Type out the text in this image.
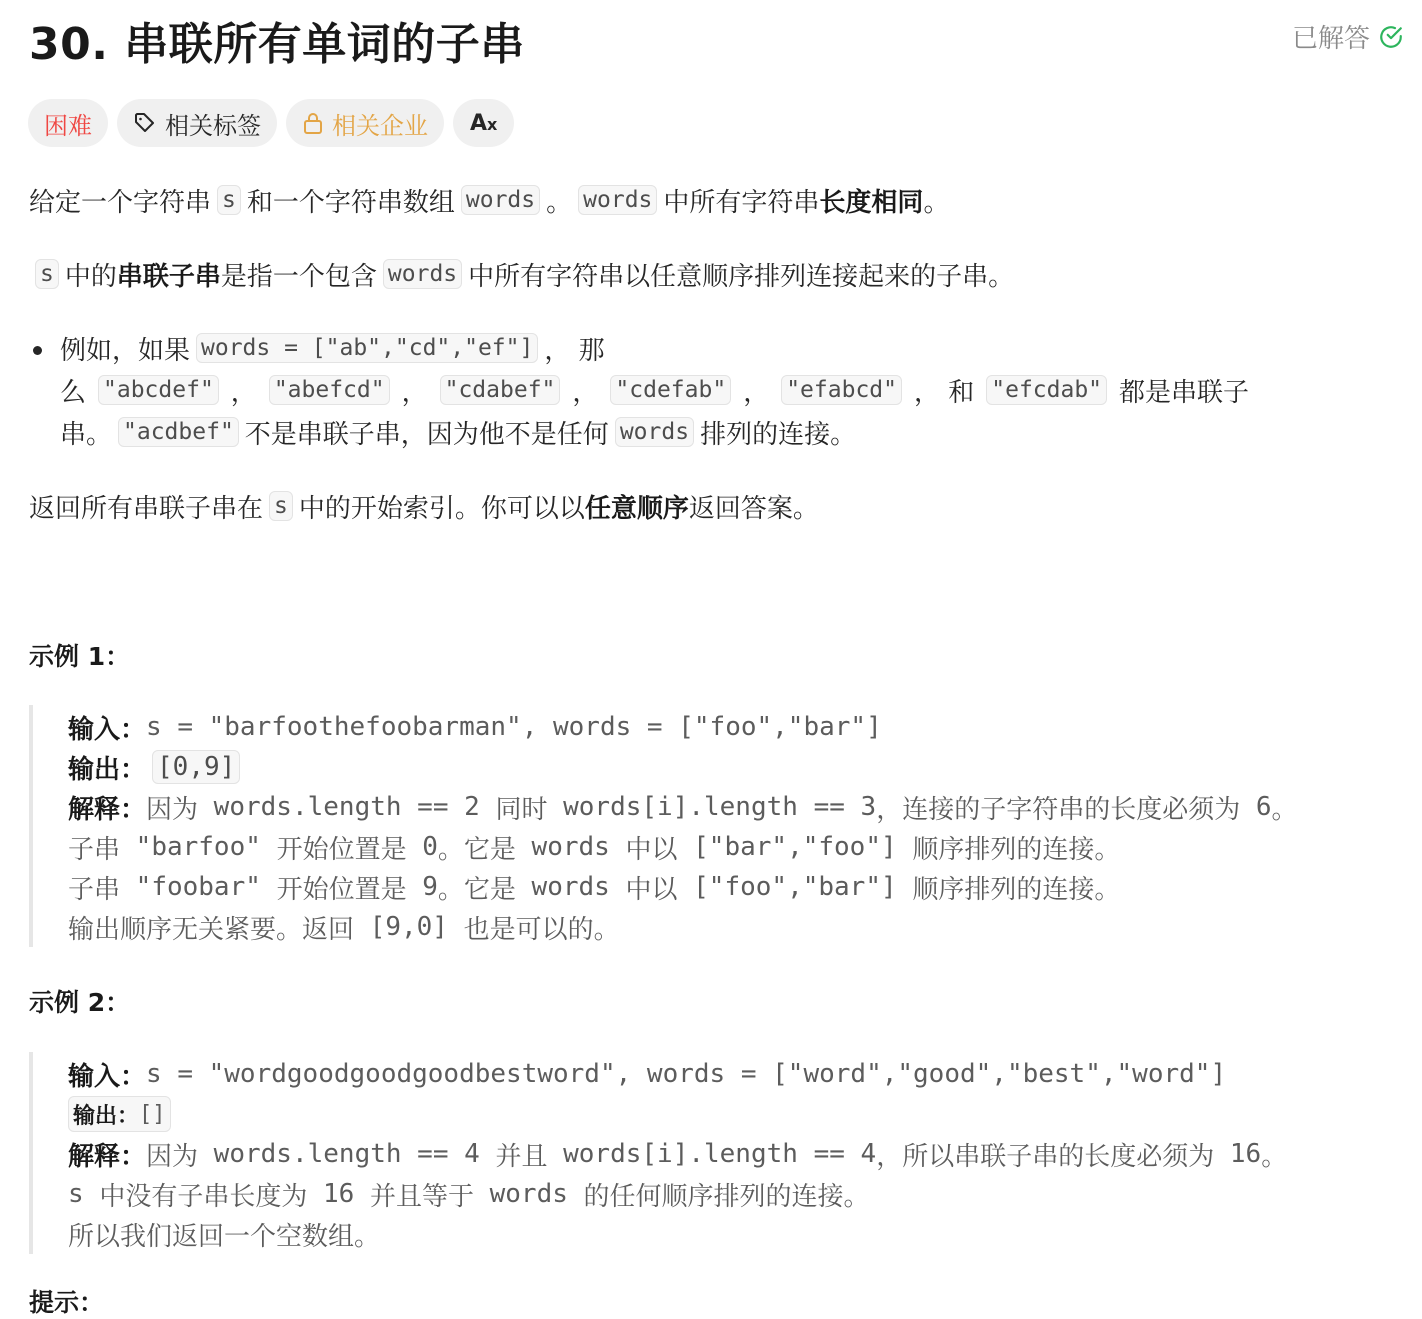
30. 串联所有单词的子串	已解答
困难	相关标签	相关企业 Ax
给定一个字符串 s 和一个字符串数组 words 。 words 中所有字符串 长度相同 。
s 中的 串联子串 是指一个包含 words 中所有字符串以任意顺序排列连接起来的子串。
例如，如果 words = ["ab","cd","ef"] ， 那
么 "abcdef" ， "abefcd" ， "cdabef" ， "cdefab" ， "efabcd" ， 和 "efcdab" 都是串联子
串。 "acdbef" 不是串联子串，因为他不是任何 words 排列的连接。
返回所有串联子串在 s 中的开始索引。你可以以 任意顺序 返回答案。
示例 1：
输入： s = "barfoothefoobarman", words = ["foo","bar"]
输出： [0,9]
解释： 因为 words.length == 2 同时 words[i].length == 3 ，连接的子字符串的长度必须为 6 。
子串 "barfoo" 开始位置是 0 。它是 words 中以 ["bar","foo"] 顺序排列的连接。
子串 "foobar" 开始位置是 9 。它是 words 中以 ["foo","bar"] 顺序排列的连接。
输出顺序无关紧要。返回 [9,0] 也是可以的。
示例 2：
输入： s = "wordgoodgoodgoodbestword", words = ["word","good","best","word"]
输出： []
解释： 因为 words.length == 4 并且 words[i].length == 4 ，所以串联子串的长度必须为 16 。
s 中没有子串长度为 16 并且等于 words 的任何顺序排列的连接。
所以我们返回一个空数组。
提示：
